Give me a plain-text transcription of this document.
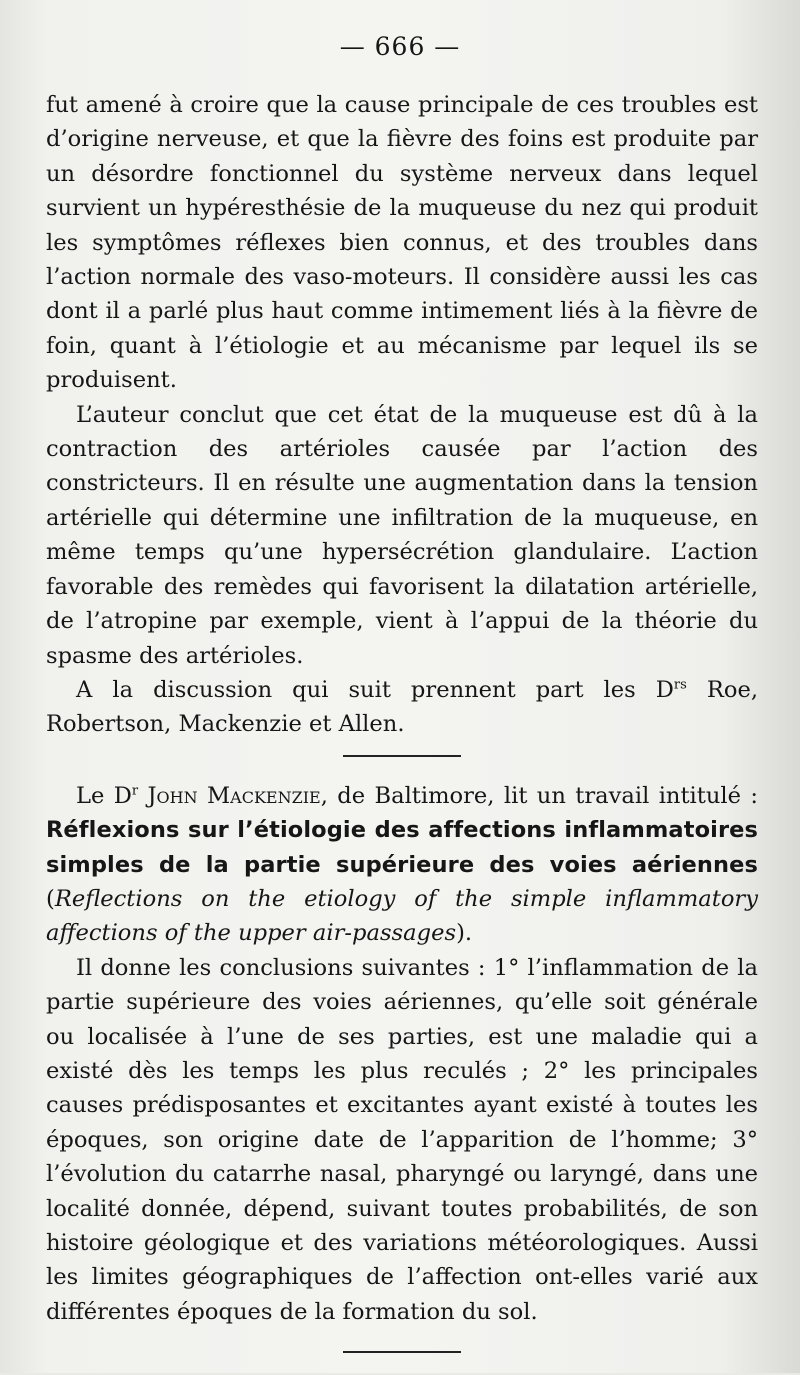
— 666 —

fut amené à croire que la cause principale de ces troubles est d’origine nerveuse, et que la fièvre des foins est produite par un désordre fonctionnel du système nerveux dans lequel survient un hypéresthésie de la muqueuse du nez qui produit les symptômes réflexes bien connus, et des troubles dans l’action normale des vaso-moteurs. Il considère aussi les cas dont il a parlé plus haut comme intimement liés à la fièvre de foin, quant à l’étiologie et au mécanisme par lequel ils se produisent.

L’auteur conclut que cet état de la muqueuse est dû à la contraction des artérioles causée par l’action des constricteurs. Il en résulte une augmentation dans la tension artérielle qui détermine une infiltration de la muqueuse, en même temps qu’une hypersécrétion glandulaire. L’action favorable des remèdes qui favorisent la dilatation artérielle, de l’atropine par exemple, vient à l’appui de la théorie du spasme des artérioles.

A la discussion qui suit prennent part les $D^{rs}$ Roe, Robertson, Mackenzie et Allen.

Le $D^r$ John Mackenzie, de Baltimore, lit un travail intitulé : Réflexions sur l’étiologie des affections inflammatoires simples de la partie supérieure des voies aériennes (Reflections on the etiology of the simple inflammatory affections of the upper air-passages).

Il donne les conclusions suivantes : 1° l’inflammation de la partie supérieure des voies aériennes, qu’elle soit générale ou localisée à l’une de ses parties, est une maladie qui a existé dès les temps les plus reculés ; 2° les principales causes prédisposantes et excitantes ayant existé à toutes les époques, son origine date de l’apparition de l’homme; 3° l’évolution du catarrhe nasal, pharyngé ou laryngé, dans une localité donnée, dépend, suivant toutes probabilités, de son histoire géologique et des variations météorologiques. Aussi les limites géographiques de l’affection ont-elles varié aux différentes époques de la formation du sol.
